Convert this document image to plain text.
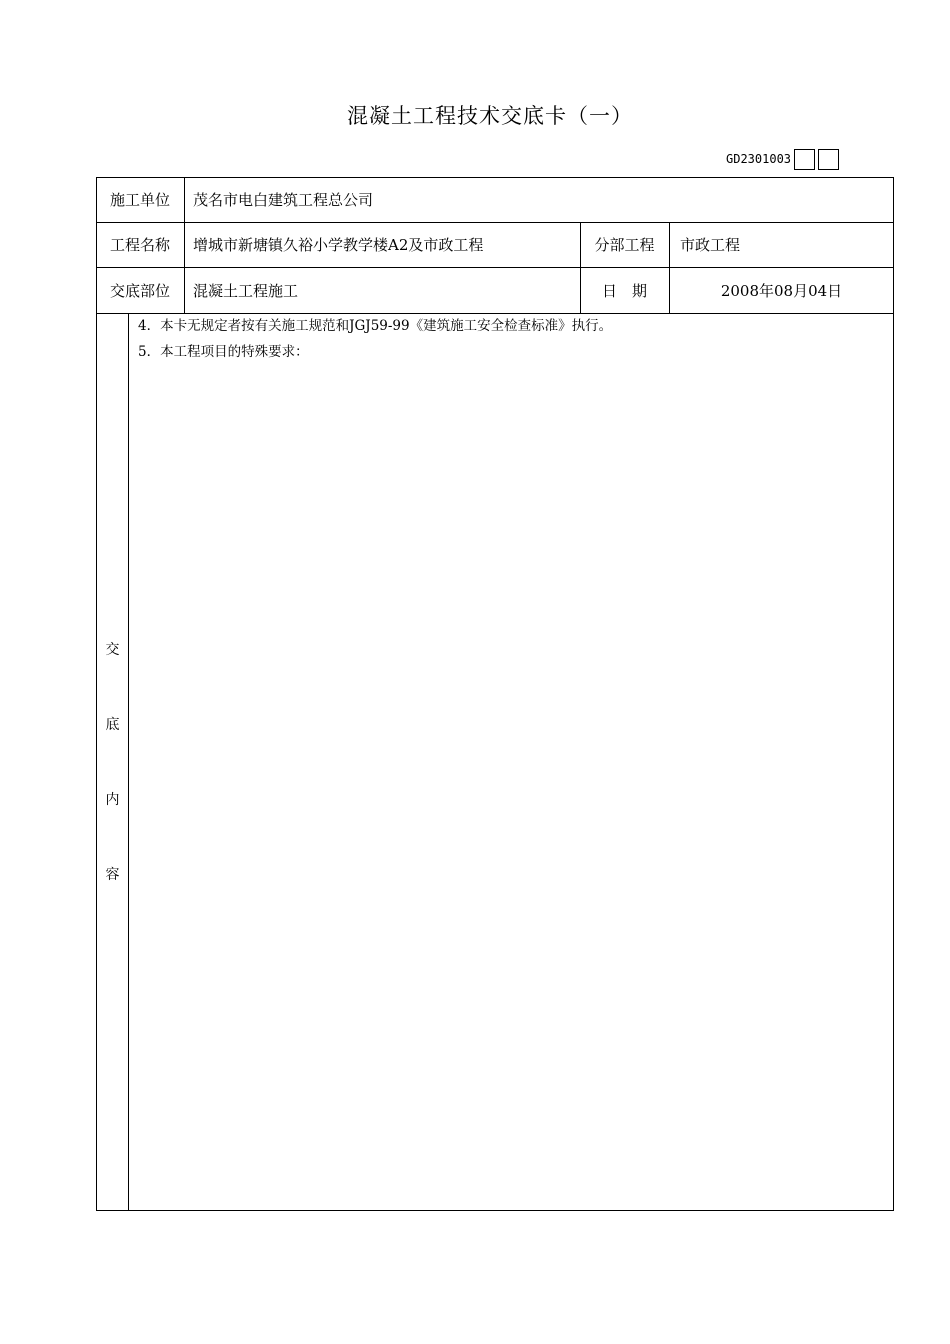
混凝土工程技术交底卡（一）
GD2301003
施工单位	茂名市电白建筑工程总公司
工程名称	增城市新塘镇久裕小学教学楼A2及市政工程	分部工程	市政工程
交底部位	混凝土工程施工	日　期	2008年08月04日
4．本卡无规定者按有关施工规范和JGJ59-99《建筑施工安全检查标准》执行。
5．本工程项目的特殊要求：
交
底
内
容
